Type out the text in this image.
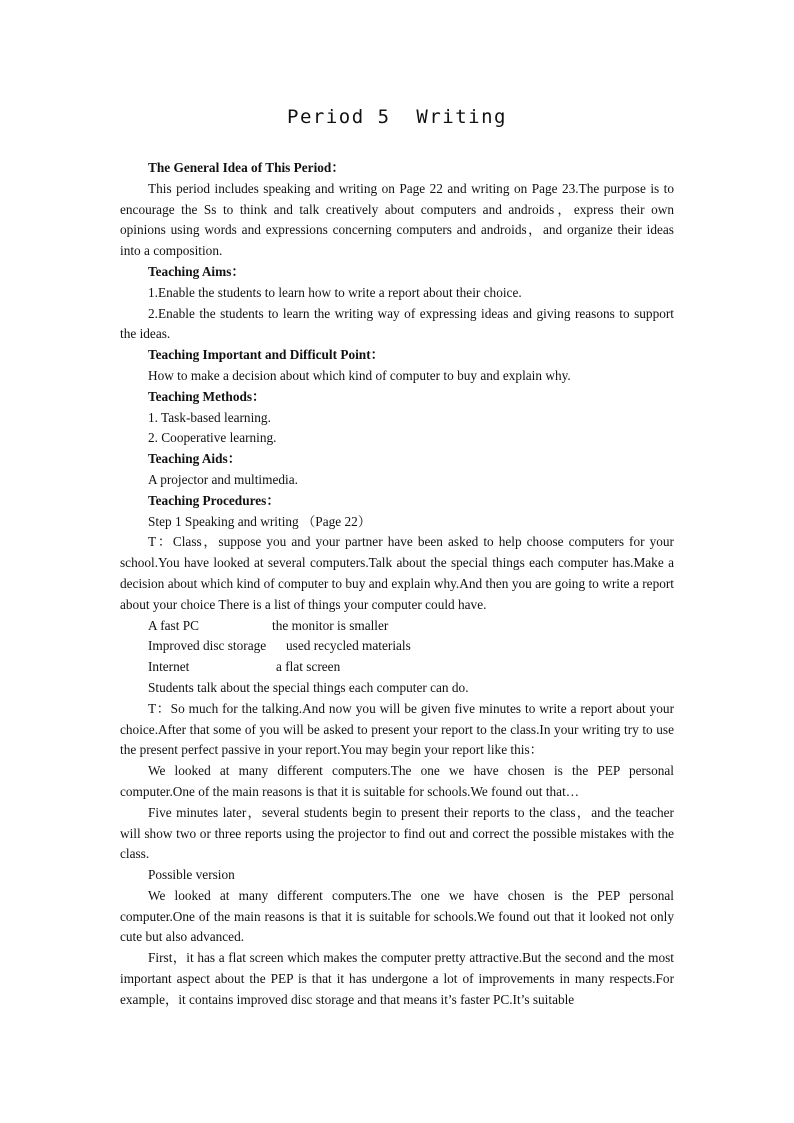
Period 5  Writing

The General Idea of This Period：

This period includes speaking and writing on Page 22 and writing on Page 23.The purpose is to encourage the Ss to think and talk creatively about computers and androids，express their own opinions using words and expressions concerning computers and androids，and organize their ideas into a composition.

Teaching Aims：

1.Enable the students to learn how to write a report about their choice.

2.Enable the students to learn the writing way of expressing ideas and giving reasons to support the ideas.

Teaching Important and Difficult Point：

How to make a decision about which kind of computer to buy and explain why.

Teaching Methods：

1. Task-based learning.

2. Cooperative learning.

Teaching Aids：

A projector and multimedia.

Teaching Procedures：

Step 1 Speaking and writing （Page 22）

T：Class，suppose you and your partner have been asked to help choose computers for your school.You have looked at several computers.Talk about the special things each computer has.Make a decision about which kind of computer to buy and explain why.And then you are going to write a report about your choice There is a list of things your computer could have.

A fast PC	the monitor is smaller
Improved disc storage used recycled materials
Internet	a flat screen

Students talk about the special things each computer can do.

T：So much for the talking.And now you will be given five minutes to write a report about your choice.After that some of you will be asked to present your report to the class.In your writing try to use the present perfect passive in your report.You may begin your report like this：

We looked at many different computers.The one we have chosen is the PEP personal computer.One of the main reasons is that it is suitable for schools.We found out that…

Five minutes later，several students begin to present their reports to the class，and the teacher will show two or three reports using the projector to find out and correct the possible mistakes with the class.

Possible version

We looked at many different computers.The one we have chosen is the PEP personal computer.One of the main reasons is that it is suitable for schools.We found out that it looked not only cute but also advanced.

First，it has a flat screen which makes the computer pretty attractive.But the second and the most important aspect about the PEP is that it has undergone a lot of improvements in many respects.For example，it contains improved disc storage and that means it’s faster PC.It’s suitable
